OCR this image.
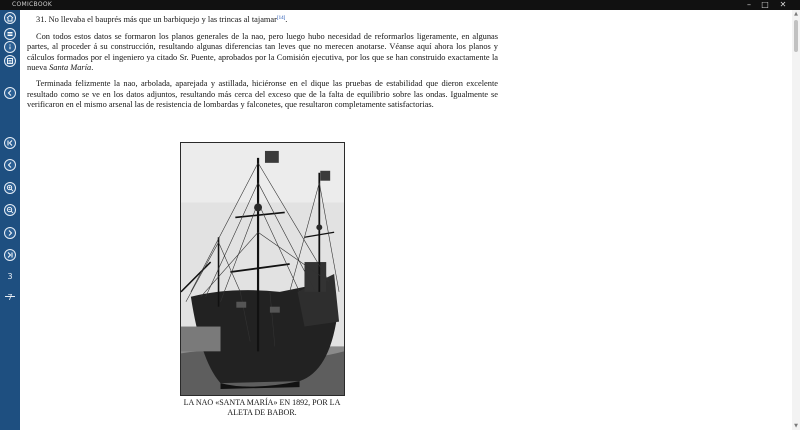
COMICBOOK	–	□	✕
3
7
▲
▼

31. No llevaba el bauprés más que un barbiquejo y las trincas al tajamar[14].

Con todos estos datos se formaron los planos generales de la nao, pero luego hubo necesidad de reformarlos ligeramente, en algunas partes, al proceder á su construcción, resultando algunas diferencias tan leves que no merecen anotarse. Véanse aquí ahora los planos y cálculos formados por el ingeniero ya citado Sr. Puente, aprobados por la Comisión ejecutiva, por los que se han construido exactamente la nueva Santa María.

Terminada felizmente la nao, arbolada, aparejada y astillada, hiciéronse en el dique las pruebas de estabilidad que dieron excelente resultado como se ve en los datos adjuntos, resultando más cerca del exceso que de la falta de equilibrio sobre las ondas. Igualmente se verificaron en el mismo arsenal las de resistencia de lombardas y falconetes, que resultaron completamente satisfactorias.

LA NAO «SANTA MARÍA» EN 1892, POR LA
ALETA DE BABOR.
